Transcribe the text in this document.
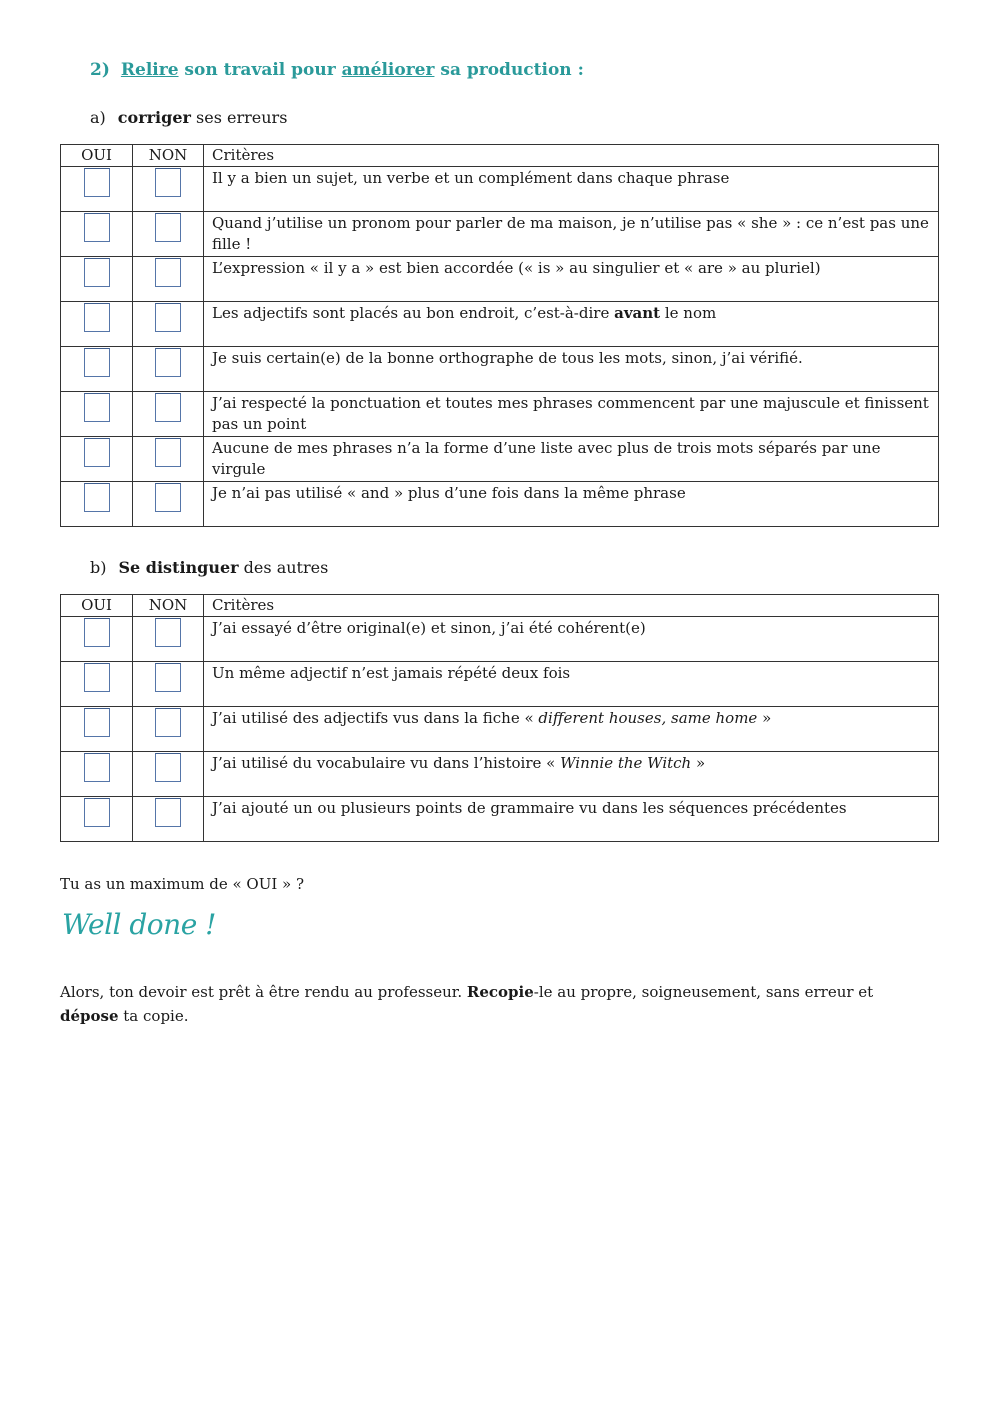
2) Relire son travail pour améliorer sa production :
a) corriger ses erreurs
OUI	NON	Critères

	Il y a bien un sujet, un verbe et un complément dans chaque phrase

	Quand j’utilise un pronom pour parler de ma maison, je n’utilise pas « she » : ce n’est pas une fille !

	L’expression « il y a » est bien accordée (« is » au singulier et « are » au pluriel)

	Les adjectifs sont placés au bon endroit, c’est-à-dire avant le nom

	Je suis certain(e) de la bonne orthographe de tous les mots, sinon, j’ai vérifié.

	J’ai respecté la ponctuation et toutes mes phrases commencent par une majuscule et finissent pas un point

	Aucune de mes phrases n’a la forme d’une liste avec plus de trois mots séparés par une virgule

	Je n’ai pas utilisé « and » plus d’une fois dans la même phrase
b) Se distinguer des autres
OUI	NON	Critères

	J’ai essayé d’être original(e) et sinon, j’ai été cohérent(e)

	Un même adjectif n’est jamais répété deux fois

	J’ai utilisé des adjectifs vus dans la fiche « different houses, same home »

	J’ai utilisé du vocabulaire vu dans l’histoire « Winnie the Witch »

	J’ai ajouté un ou plusieurs points de grammaire vu dans les séquences précédentes
Tu as un maximum de « OUI » ?
Well done !
Alors, ton devoir est prêt à être rendu au professeur. Recopie-le au propre, soigneusement, sans erreur et dépose ta copie.
